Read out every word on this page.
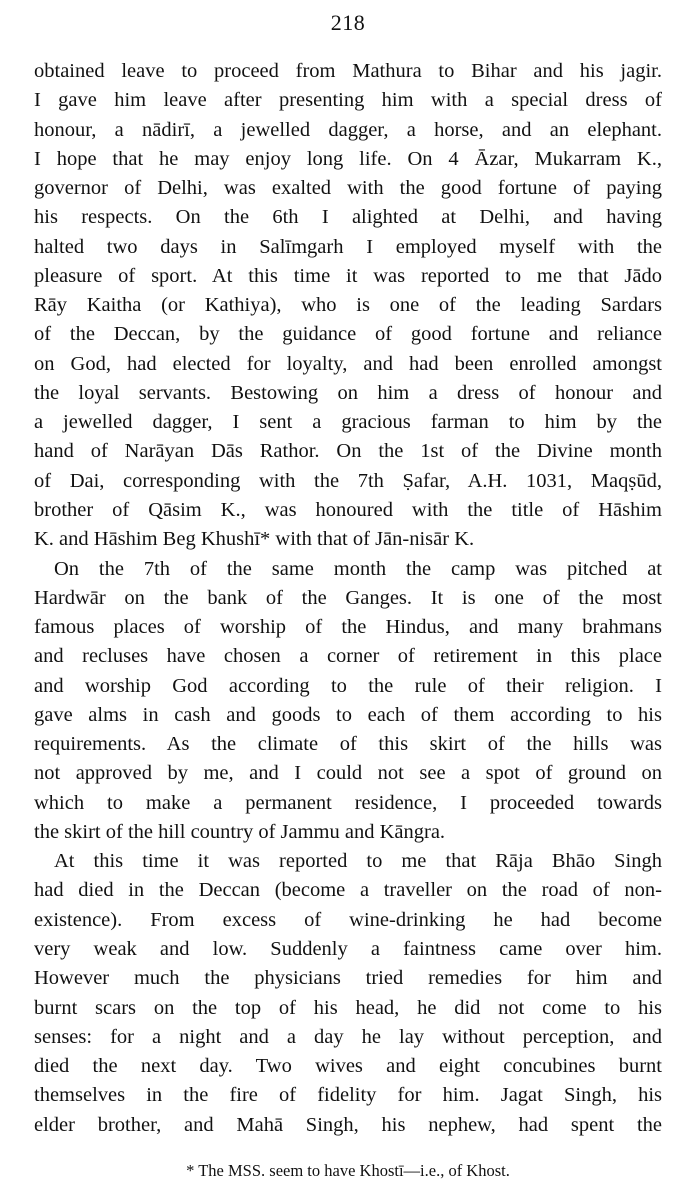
218
obtained leave to proceed from Mathura to Bihar and his jagir.
I gave him leave after presenting him with a special dress of
honour, a nādirī, a jewelled dagger, a horse, and an elephant.
I hope that he may enjoy long life. On 4 Āzar, Mukarram K.,
governor of Delhi, was exalted with the good fortune of paying
his respects. On the 6th I alighted at Delhi, and having
halted two days in Salīmgarh I employed myself with the
pleasure of sport. At this time it was reported to me that Jādo
Rāy Kaitha (or Kathiya), who is one of the leading Sardars
of the Deccan, by the guidance of good fortune and reliance
on God, had elected for loyalty, and had been enrolled amongst
the loyal servants. Bestowing on him a dress of honour and
a jewelled dagger, I sent a gracious farman to him by the
hand of Narāyan Dās Rathor. On the 1st of the Divine month
of Dai, corresponding with the 7th Ṣafar, A.H. 1031, Maqṣūd,
brother of Qāsim K., was honoured with the title of Hāshim
K. and Hāshim Beg Khushī* with that of Jān-nisār K.
On the 7th of the same month the camp was pitched at
Hardwār on the bank of the Ganges. It is one of the most
famous places of worship of the Hindus, and many brahmans
and recluses have chosen a corner of retirement in this place
and worship God according to the rule of their religion. I
gave alms in cash and goods to each of them according to his
requirements. As the climate of this skirt of the hills was
not approved by me, and I could not see a spot of ground on
which to make a permanent residence, I proceeded towards
the skirt of the hill country of Jammu and Kāngra.
At this time it was reported to me that Rāja Bhāo Singh
had died in the Deccan (become a traveller on the road of non-
existence). From excess of wine-drinking he had become
very weak and low. Suddenly a faintness came over him.
However much the physicians tried remedies for him and
burnt scars on the top of his head, he did not come to his
senses: for a night and a day he lay without perception, and
died the next day. Two wives and eight concubines burnt
themselves in the fire of fidelity for him. Jagat Singh, his
elder brother, and Mahā Singh, his nephew, had spent the
* The MSS. seem to have Khostī—i.e., of Khost.
